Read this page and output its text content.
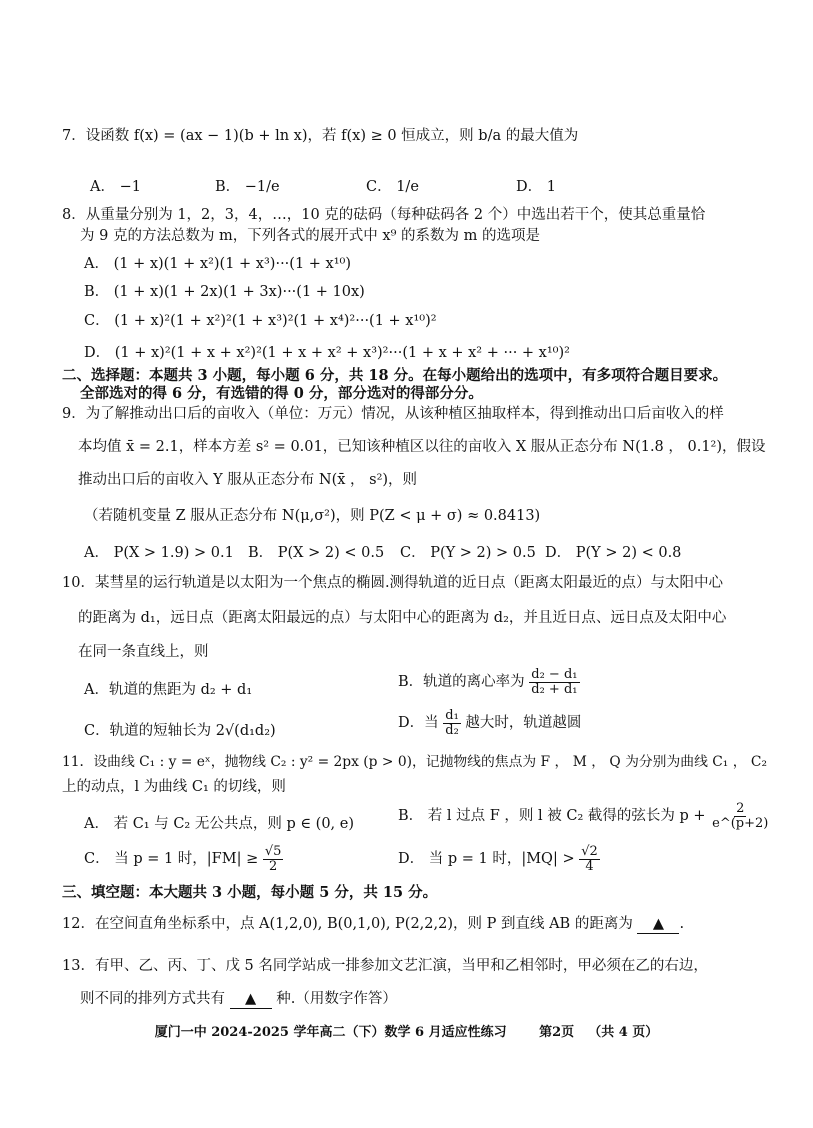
7．设函数 f(x) = (ax − 1)(b + ln x)，若 f(x) ≥ 0 恒成立，则 b/a 的最大值为
A． −1	B． −1/e	C． 1/e	D． 1
8．从重量分别为 1，2，3，4，…，10 克的砝码（每种砝码各 2 个）中选出若干个，使其总重量恰
为 9 克的方法总数为 m，下列各式的展开式中 x⁹ 的系数为 m 的选项是
A． (1 + x)(1 + x²)(1 + x³)···(1 + x¹⁰)
B． (1 + x)(1 + 2x)(1 + 3x)···(1 + 10x)
C． (1 + x)²(1 + x²)²(1 + x³)²(1 + x⁴)²···(1 + x¹⁰)²
D． (1 + x)²(1 + x + x²)²(1 + x + x² + x³)²···(1 + x + x² + ··· + x¹⁰)²
二、选择题：本题共 3 小题，每小题 6 分，共 18 分。在每小题给出的选项中，有多项符合题目要求。
全部选对的得 6 分，有选错的得 0 分，部分选对的得部分分。
9．为了解推动出口后的亩收入（单位：万元）情况，从该种植区抽取样本，得到推动出口后亩收入的样
本均值 x̄ = 2.1，样本方差 s² = 0.01，已知该种植区以往的亩收入 X 服从正态分布 N(1.8 ， 0.1²)，假设
推动出口后的亩收入 Y 服从正态分布 N(x̄ ， s²)，则
（若随机变量 Z 服从正态分布 N(μ,σ²)，则 P(Z < μ + σ) ≈ 0.8413)
A． P(X > 1.9) > 0.1 B． P(X > 2) < 0.5 C． P(Y > 2) > 0.5 D． P(Y > 2) < 0.8
10．某彗星的运行轨道是以太阳为一个焦点的椭圆.测得轨道的近日点（距离太阳最近的点）与太阳中心
的距离为 d₁，远日点（距离太阳最远的点）与太阳中心的距离为 d₂，并且近日点、远日点及太阳中心
在同一条直线上，则
A．轨道的焦距为 d₂ + d₁	B．轨道的离心率为 $\frac{\text{d₂ − d₁}}{\text{d₂ + d₁}}$
C．轨道的短轴长为 2√(d₁d₂)	D．当 $\frac{\text{d₁}}{\text{d₂}}$ 越大时，轨道越圆
11．设曲线 C₁ : y = eˣ，抛物线 C₂ : y² = 2px (p > 0)，记抛物线的焦点为 F ， M ， Q 为分别为曲线 C₁ ， C₂
上的动点，l 为曲线 C₁ 的切线，则
A． 若 C₁ 与 C₂ 无公共点，则 p ∈ (0, e)	B． 若 l 过点 F ，则 l 被 C₂ 截得的弦长为 $p + \frac{2}{e\^{}(p+2)}$
C． 当 p = 1 时，$|FM| \ge \frac{√5}{2}$	D． 当 p = 1 时，$|MQ| > \frac{√2}{4}$
三、填空题：本大题共 3 小题，每小题 5 分，共 15 分。
12．在空间直角坐标系中，点 A(1,2,0), B(0,1,0), P(2,2,2)，则 P 到直线 AB 的距离为 ▲ .
13．有甲、乙、丙、丁、戊 5 名同学站成一排参加文艺汇演，当甲和乙相邻时，甲必须在乙的右边，
则不同的排列方式共有 ▲ 种.（用数字作答）
厦门一中 2024-2025 学年高二（下）数学 6 月适应性练习	第2页 （共 4 页）
